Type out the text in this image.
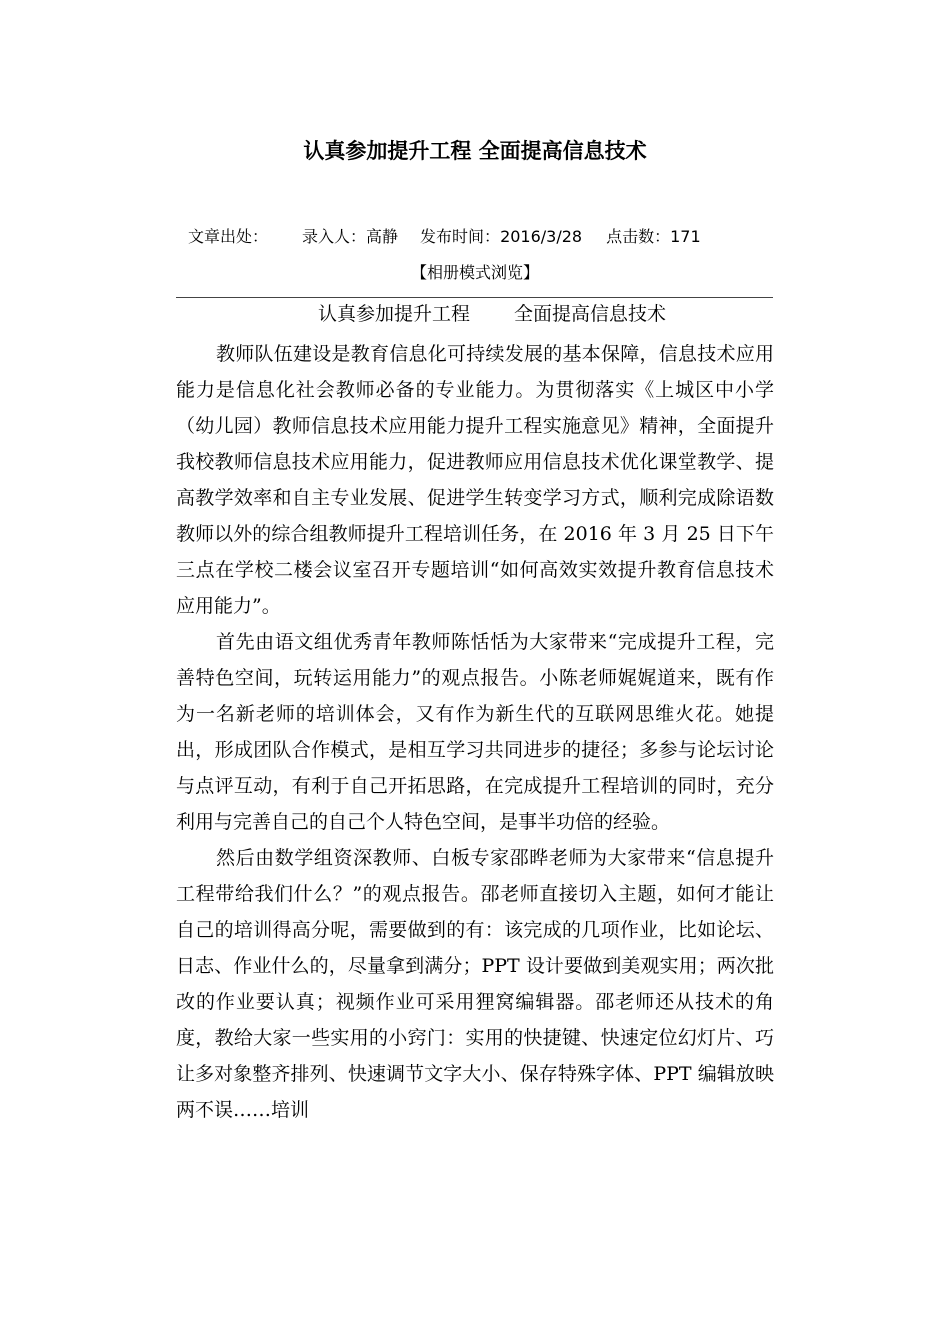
认真参加提升工程 全面提高信息技术
文章出处： 录入人：高静 发布时间：2016/3/28 点击数：171
【相册模式浏览】
认真参加提升工程 全面提高信息技术

教师队伍建设是教育信息化可持续发展的基本保障，信息技术应用能力是信息化社会教师必备的专业能力。为贯彻落实《上城区中小学（幼儿园）教师信息技术应用能力提升工程实施意见》精神，全面提升我校教师信息技术应用能力，促进教师应用信息技术优化课堂教学、提高教学效率和自主专业发展、促进学生转变学习方式，顺利完成除语数教师以外的综合组教师提升工程培训任务，在 2016 年 3 月 25 日下午三点在学校二楼会议室召开专题培训“如何高效实效提升教育信息技术应用能力”。

首先由语文组优秀青年教师陈恬恬为大家带来“完成提升工程，完善特色空间，玩转运用能力”的观点报告。小陈老师娓娓道来，既有作为一名新老师的培训体会，又有作为新生代的互联网思维火花。她提出，形成团队合作模式，是相互学习共同进步的捷径；多参与论坛讨论与点评互动，有利于自己开拓思路，在完成提升工程培训的同时，充分利用与完善自己的自己个人特色空间，是事半功倍的经验。

然后由数学组资深教师、白板专家邵晔老师为大家带来“信息提升工程带给我们什么？”的观点报告。邵老师直接切入主题，如何才能让自己的培训得高分呢，需要做到的有：该完成的几项作业，比如论坛、日志、作业什么的，尽量拿到满分；PPT 设计要做到美观实用；两次批改的作业要认真；视频作业可采用狸窝编辑器。邵老师还从技术的角度，教给大家一些实用的小窍门：实用的快捷键、快速定位幻灯片、巧让多对象整齐排列、快速调节文字大小、保存特殊字体、PPT 编辑放映两不误……培训
